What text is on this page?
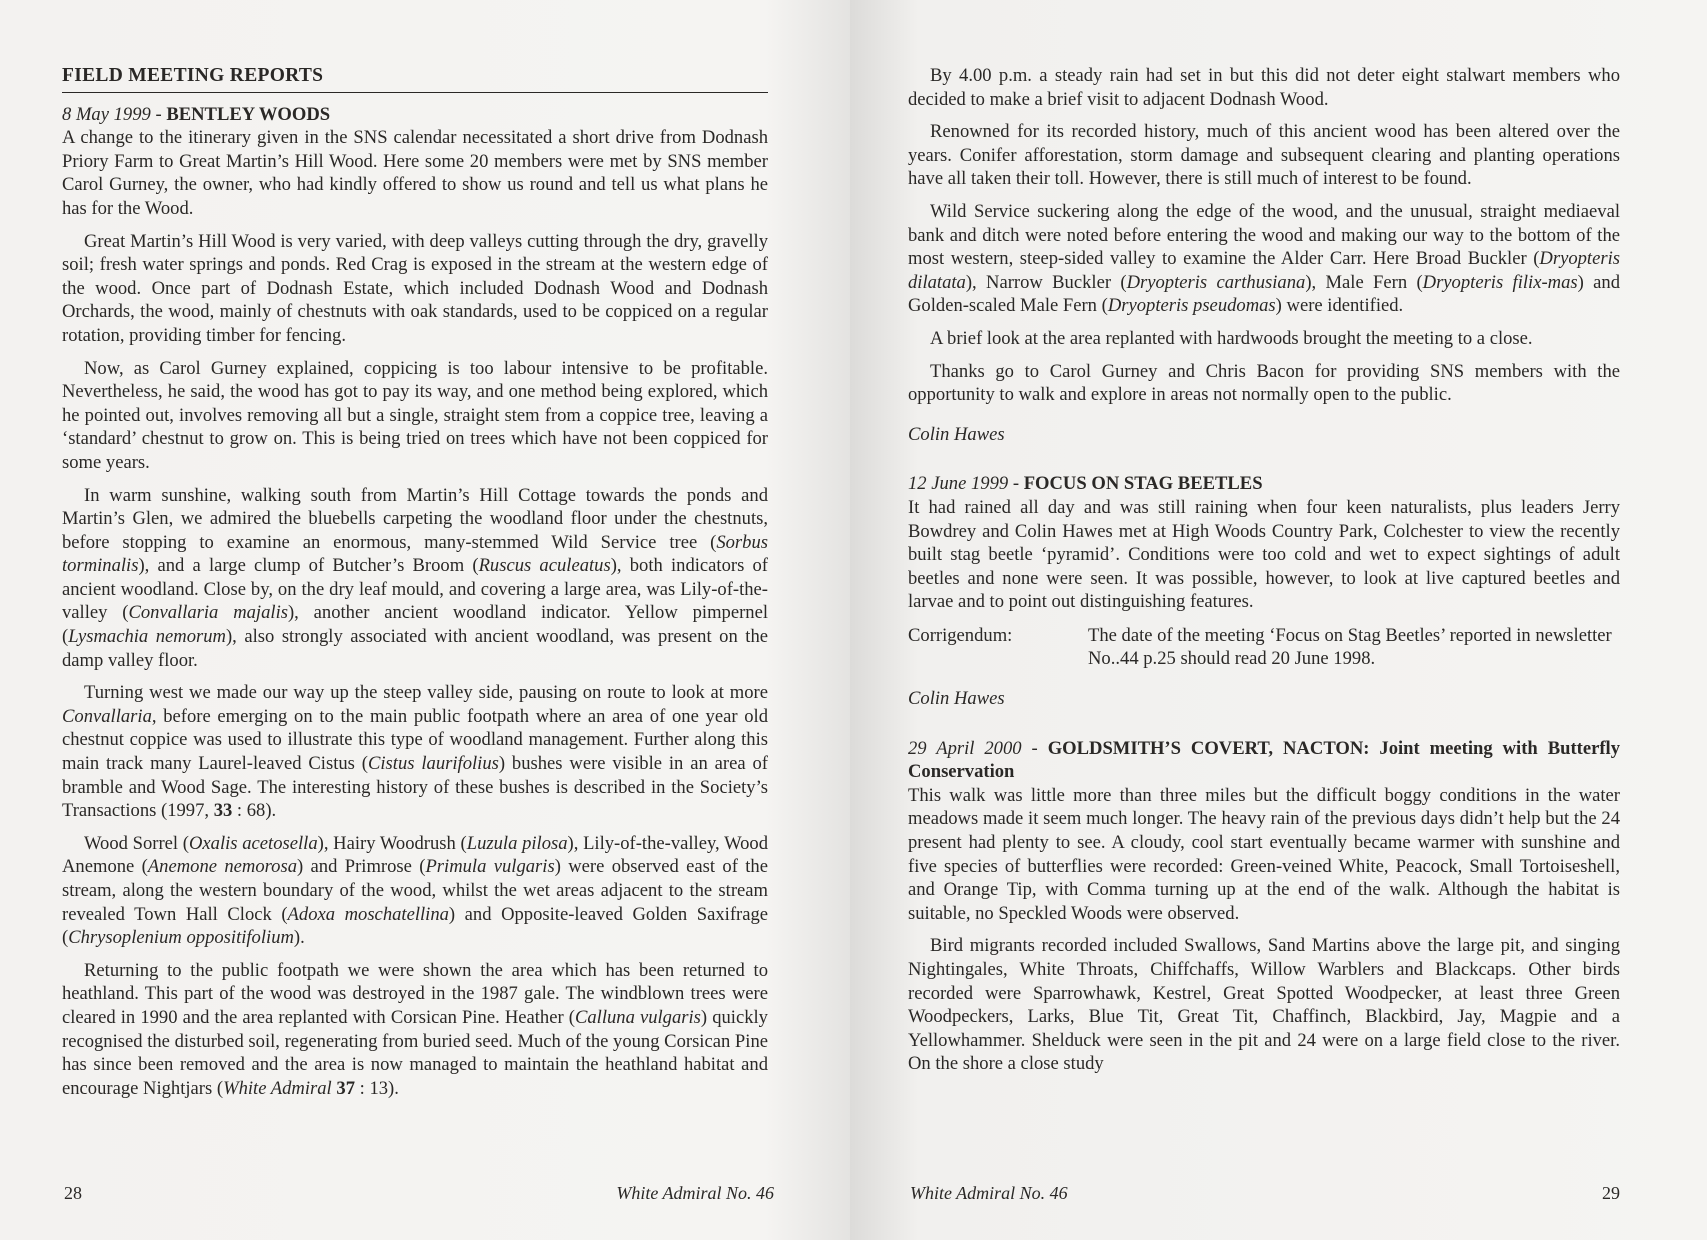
FIELD MEETING REPORTS
8 May 1999 - BENTLEY WOODS

A change to the itinerary given in the SNS calendar necessitated a short drive from Dodnash Priory Farm to Great Martin’s Hill Wood. Here some 20 members were met by SNS member Carol Gurney, the owner, who had kindly offered to show us round and tell us what plans he has for the Wood.

Great Martin’s Hill Wood is very varied, with deep valleys cutting through the dry, gravelly soil; fresh water springs and ponds. Red Crag is exposed in the stream at the western edge of the wood. Once part of Dodnash Estate, which included Dodnash Wood and Dodnash Orchards, the wood, mainly of chestnuts with oak standards, used to be coppiced on a regular rotation, providing timber for fencing.

Now, as Carol Gurney explained, coppicing is too labour intensive to be profitable. Nevertheless, he said, the wood has got to pay its way, and one method being explored, which he pointed out, involves removing all but a single, straight stem from a coppice tree, leaving a ‘standard’ chestnut to grow on. This is being tried on trees which have not been coppiced for some years.

In warm sunshine, walking south from Martin’s Hill Cottage towards the ponds and Martin’s Glen, we admired the bluebells carpeting the woodland floor under the chestnuts, before stopping to examine an enormous, many-stemmed Wild Service tree (Sorbus torminalis), and a large clump of Butcher’s Broom (Ruscus aculeatus), both indicators of ancient woodland. Close by, on the dry leaf mould, and covering a large area, was Lily-of-the-valley (Convallaria majalis), another ancient woodland indicator. Yellow pimpernel (Lysmachia nemorum), also strongly associated with ancient woodland, was present on the damp valley floor.

Turning west we made our way up the steep valley side, pausing on route to look at more Convallaria, before emerging on to the main public footpath where an area of one year old chestnut coppice was used to illustrate this type of woodland management. Further along this main track many Laurel-leaved Cistus (Cistus laurifolius) bushes were visible in an area of bramble and Wood Sage. The interesting history of these bushes is described in the Society’s Transactions (1997, 33 : 68).

Wood Sorrel (Oxalis acetosella), Hairy Woodrush (Luzula pilosa), Lily-of-the-valley, Wood Anemone (Anemone nemorosa) and Primrose (Primula vulgaris) were observed east of the stream, along the western boundary of the wood, whilst the wet areas adjacent to the stream revealed Town Hall Clock (Adoxa moschatellina) and Opposite-leaved Golden Saxifrage (Chrysoplenium oppositifolium).

Returning to the public footpath we were shown the area which has been returned to heathland. This part of the wood was destroyed in the 1987 gale. The windblown trees were cleared in 1990 and the area replanted with Corsican Pine. Heather (Calluna vulgaris) quickly recognised the disturbed soil, regenerating from buried seed. Much of the young Corsican Pine has since been removed and the area is now managed to maintain the heathland habitat and encourage Nightjars (White Admiral 37 : 13).

28	White Admiral No. 46

By 4.00 p.m. a steady rain had set in but this did not deter eight stalwart members who decided to make a brief visit to adjacent Dodnash Wood.

Renowned for its recorded history, much of this ancient wood has been altered over the years. Conifer afforestation, storm damage and subsequent clearing and planting operations have all taken their toll. However, there is still much of interest to be found.

Wild Service suckering along the edge of the wood, and the unusual, straight mediaeval bank and ditch were noted before entering the wood and making our way to the bottom of the most western, steep-sided valley to examine the Alder Carr. Here Broad Buckler (Dryopteris dilatata), Narrow Buckler (Dryopteris carthusiana), Male Fern (Dryopteris filix-mas) and Golden-scaled Male Fern (Dryopteris pseudomas) were identified.

A brief look at the area replanted with hardwoods brought the meeting to a close.

Thanks go to Carol Gurney and Chris Bacon for providing SNS members with the opportunity to walk and explore in areas not normally open to the public.

Colin Hawes

12 June 1999 - FOCUS ON STAG BEETLES

It had rained all day and was still raining when four keen naturalists, plus leaders Jerry Bowdrey and Colin Hawes met at High Woods Country Park, Colchester to view the recently built stag beetle ‘pyramid’. Conditions were too cold and wet to expect sightings of adult beetles and none were seen. It was possible, however, to look at live captured beetles and larvae and to point out distinguishing features.

Corrigendum:	The date of the meeting ‘Focus on Stag Beetles’ reported in newsletter No..44 p.25 should read 20 June 1998.

Colin Hawes

29 April 2000 - GOLDSMITH’S COVERT, NACTON: Joint meeting with Butterfly Conservation

This walk was little more than three miles but the difficult boggy conditions in the water meadows made it seem much longer. The heavy rain of the previous days didn’t help but the 24 present had plenty to see. A cloudy, cool start eventually became warmer with sunshine and five species of butterflies were recorded: Green-veined White, Peacock, Small Tortoiseshell, and Orange Tip, with Comma turning up at the end of the walk. Although the habitat is suitable, no Speckled Woods were observed.

Bird migrants recorded included Swallows, Sand Martins above the large pit, and singing Nightingales, White Throats, Chiffchaffs, Willow Warblers and Blackcaps. Other birds recorded were Sparrowhawk, Kestrel, Great Spotted Woodpecker, at least three Green Woodpeckers, Larks, Blue Tit, Great Tit, Chaffinch, Blackbird, Jay, Magpie and a Yellowhammer. Shelduck were seen in the pit and 24 were on a large field close to the river. On the shore a close study

White Admiral No. 46	29
